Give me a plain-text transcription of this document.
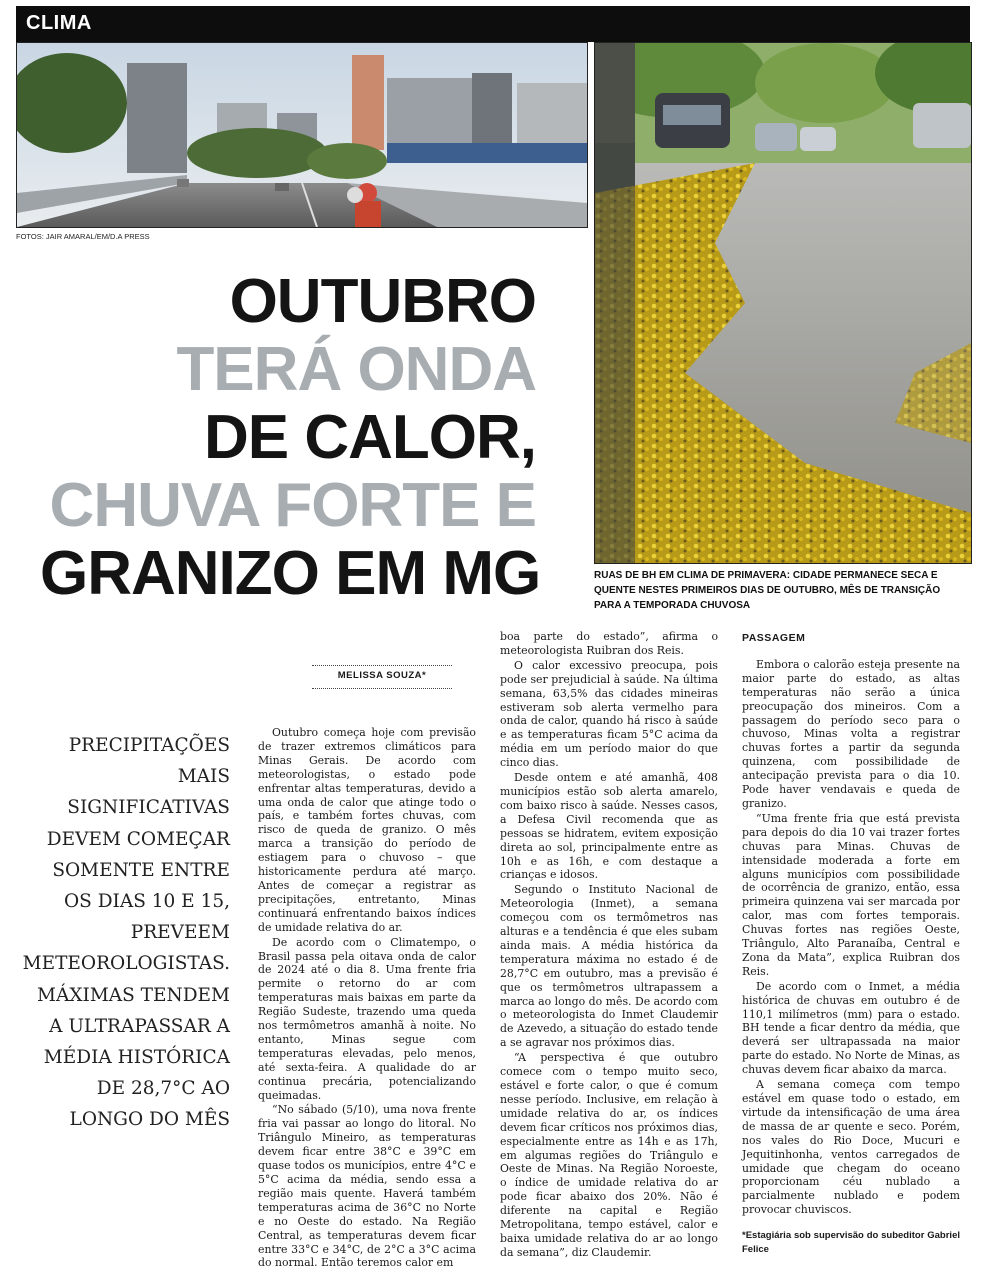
CLIMA
FOTOS: JAIR AMARAL/EM/D.A PRESS
OUTUBRO
TERÁ ONDA
DE CALOR,
CHUVA FORTE E
GRANIZO EM MG	RUAS DE BH EM CLIMA DE PRIMAVERA: CIDADE PERMANECE SECA E QUENTE NESTES PRIMEIROS DIAS DE OUTUBRO, MÊS DE TRANSIÇÃO PARA A TEMPORADA CHUVOSA
MELISSA SOUZA*
PRECIPITAÇÕES MAIS SIGNIFICATIVAS DEVEM COMEÇAR SOMENTE ENTRE OS DIAS 10 E 15, PREVEEM METEOROLOGISTAS. MÁXIMAS TENDEM A ULTRAPASSAR A MÉDIA HISTÓRICA DE 28,7°C AO LONGO DO MÊS

Outubro começa hoje com previsão de trazer extremos climáticos para Minas Gerais. De acordo com meteorologistas, o estado pode enfrentar altas temperaturas, devido a uma onda de calor que atinge todo o país, e também fortes chuvas, com risco de queda de granizo. O mês marca a transição do período de estiagem para o chuvoso – que historicamente perdura até março. Antes de começar a registrar as precipitações, entretanto, Minas continuará enfrentando baixos índices de umidade relativa do ar.

De acordo com o Climatempo, o Brasil passa pela oitava onda de calor de 2024 até o dia 8. Uma frente fria permite o retorno do ar com temperaturas mais baixas em parte da Região Sudeste, trazendo uma queda nos termômetros amanhã à noite. No entanto, Minas segue com temperaturas elevadas, pelo menos, até sexta-feira. A qualidade do ar continua precária, potencializando queimadas.

“No sábado (5/10), uma nova frente fria vai passar ao longo do litoral. No Triângulo Mineiro, as temperaturas devem ficar entre 38°C e 39°C em quase todos os municípios, entre 4°C e 5°C acima da média, sendo essa a região mais quente. Haverá também temperaturas acima de 36°C no Norte e no Oeste do estado. Na Região Central, as temperaturas devem ficar entre 33°C e 34°C, de 2°C a 3°C acima do normal. Então teremos calor em

boa parte do estado”, afirma o meteorologista Ruibran dos Reis.

O calor excessivo preocupa, pois pode ser prejudicial à saúde. Na última semana, 63,5% das cidades mineiras estiveram sob alerta vermelho para onda de calor, quando há risco à saúde e as temperaturas ficam 5°C acima da média em um período maior do que cinco dias.

Desde ontem e até amanhã, 408 municípios estão sob alerta amarelo, com baixo risco à saúde. Nesses casos, a Defesa Civil recomenda que as pessoas se hidratem, evitem exposição direta ao sol, principalmente entre as 10h e as 16h, e com destaque a crianças e idosos.

Segundo o Instituto Nacional de Meteorologia (Inmet), a semana começou com os termômetros nas alturas e a tendência é que eles subam ainda mais. A média histórica da temperatura máxima no estado é de 28,7°C em outubro, mas a previsão é que os termômetros ultrapassem a marca ao longo do mês. De acordo com o meteorologista do Inmet Claudemir de Azevedo, a situação do estado tende a se agravar nos próximos dias.

“A perspectiva é que outubro comece com o tempo muito seco, estável e forte calor, o que é comum nesse período. Inclusive, em relação à umidade relativa do ar, os índices devem ficar críticos nos próximos dias, especialmente entre as 14h e as 17h, em algumas regiões do Triângulo e Oeste de Minas. Na Região Noroeste, o índice de umidade relativa do ar pode ficar abaixo dos 20%. Não é diferente na capital e Região Metropolitana, tempo estável, calor e baixa umidade relativa do ar ao longo da semana”, diz Claudemir.

PASSAGEM

Embora o calorão esteja presente na maior parte do estado, as altas temperaturas não serão a única preocupação dos mineiros. Com a passagem do período seco para o chuvoso, Minas volta a registrar chuvas fortes a partir da segunda quinzena, com possibilidade de antecipação prevista para o dia 10. Pode haver vendavais e queda de granizo.

“Uma frente fria que está prevista para depois do dia 10 vai trazer fortes chuvas para Minas. Chuvas de intensidade moderada a forte em alguns municípios com possibilidade de ocorrência de granizo, então, essa primeira quinzena vai ser marcada por calor, mas com fortes temporais. Chuvas fortes nas regiões Oeste, Triângulo, Alto Paranaíba, Central e Zona da Mata”, explica Ruibran dos Reis.

De acordo com o Inmet, a média histórica de chuvas em outubro é de 110,1 milímetros (mm) para o estado. BH tende a ficar dentro da média, que deverá ser ultrapassada na maior parte do estado. No Norte de Minas, as chuvas devem ficar abaixo da marca.

A semana começa com tempo estável em quase todo o estado, em virtude da intensificação de uma área de massa de ar quente e seco. Porém, nos vales do Rio Doce, Mucuri e Jequitinhonha, ventos carregados de umidade que chegam do oceano proporcionam céu nublado a parcialmente nublado e podem provocar chuviscos.

*Estagiária sob supervisão do subeditor Gabriel Felice
